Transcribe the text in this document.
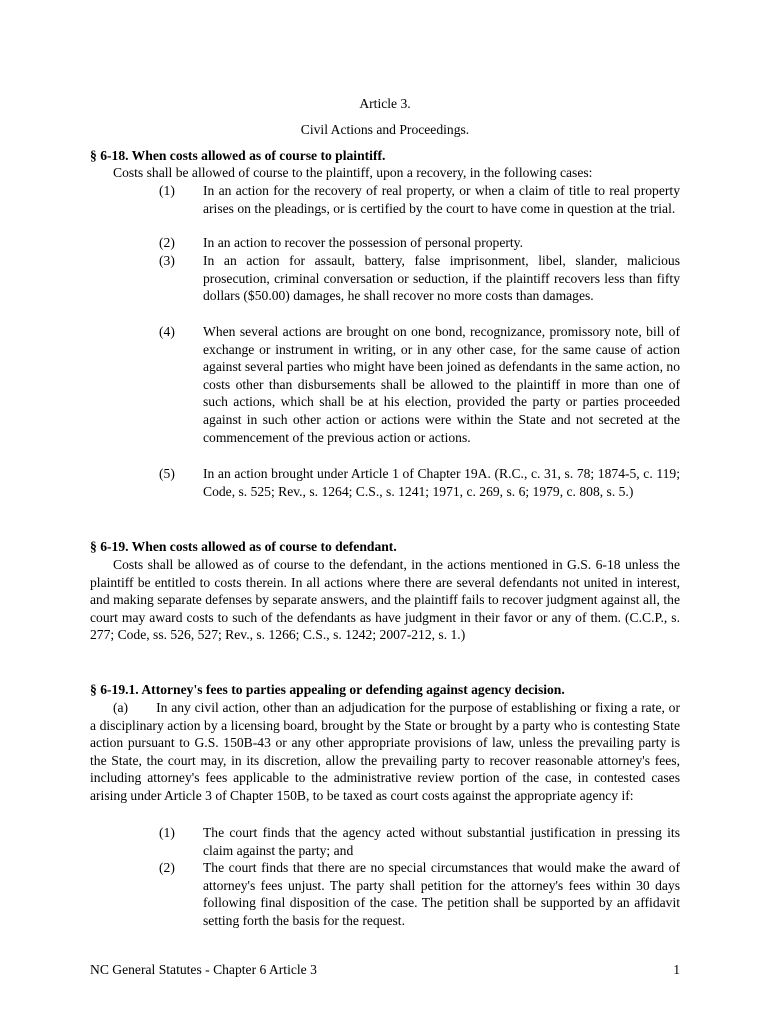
Article 3.
Civil Actions and Proceedings.
§ 6-18. When costs allowed as of course to plaintiff.
Costs shall be allowed of course to the plaintiff, upon a recovery, in the following cases:
(1) In an action for the recovery of real property, or when a claim of title to real property arises on the pleadings, or is certified by the court to have come in question at the trial.
(2) In an action to recover the possession of personal property.
(3) In an action for assault, battery, false imprisonment, libel, slander, malicious prosecution, criminal conversation or seduction, if the plaintiff recovers less than fifty dollars ($50.00) damages, he shall recover no more costs than damages.
(4) When several actions are brought on one bond, recognizance, promissory note, bill of exchange or instrument in writing, or in any other case, for the same cause of action against several parties who might have been joined as defendants in the same action, no costs other than disbursements shall be allowed to the plaintiff in more than one of such actions, which shall be at his election, provided the party or parties proceeded against in such other action or actions were within the State and not secreted at the commencement of the previous action or actions.
(5) In an action brought under Article 1 of Chapter 19A. (R.C., c. 31, s. 78; 1874-5, c. 119; Code, s. 525; Rev., s. 1264; C.S., s. 1241; 1971, c. 269, s. 6; 1979, c. 808, s. 5.)
§ 6-19. When costs allowed as of course to defendant.
Costs shall be allowed as of course to the defendant, in the actions mentioned in G.S. 6-18 unless the plaintiff be entitled to costs therein. In all actions where there are several defendants not united in interest, and making separate defenses by separate answers, and the plaintiff fails to recover judgment against all, the court may award costs to such of the defendants as have judgment in their favor or any of them. (C.C.P., s. 277; Code, ss. 526, 527; Rev., s. 1266; C.S., s. 1242; 2007-212, s. 1.)
§ 6-19.1. Attorney's fees to parties appealing or defending against agency decision.
(a) In any civil action, other than an adjudication for the purpose of establishing or fixing a rate, or a disciplinary action by a licensing board, brought by the State or brought by a party who is contesting State action pursuant to G.S. 150B-43 or any other appropriate provisions of law, unless the prevailing party is the State, the court may, in its discretion, allow the prevailing party to recover reasonable attorney's fees, including attorney's fees applicable to the administrative review portion of the case, in contested cases arising under Article 3 of Chapter 150B, to be taxed as court costs against the appropriate agency if:
(1) The court finds that the agency acted without substantial justification in pressing its claim against the party; and
(2) The court finds that there are no special circumstances that would make the award of attorney's fees unjust. The party shall petition for the attorney's fees within 30 days following final disposition of the case. The petition shall be supported by an affidavit setting forth the basis for the request.
NC General Statutes - Chapter 6 Article 3	1
